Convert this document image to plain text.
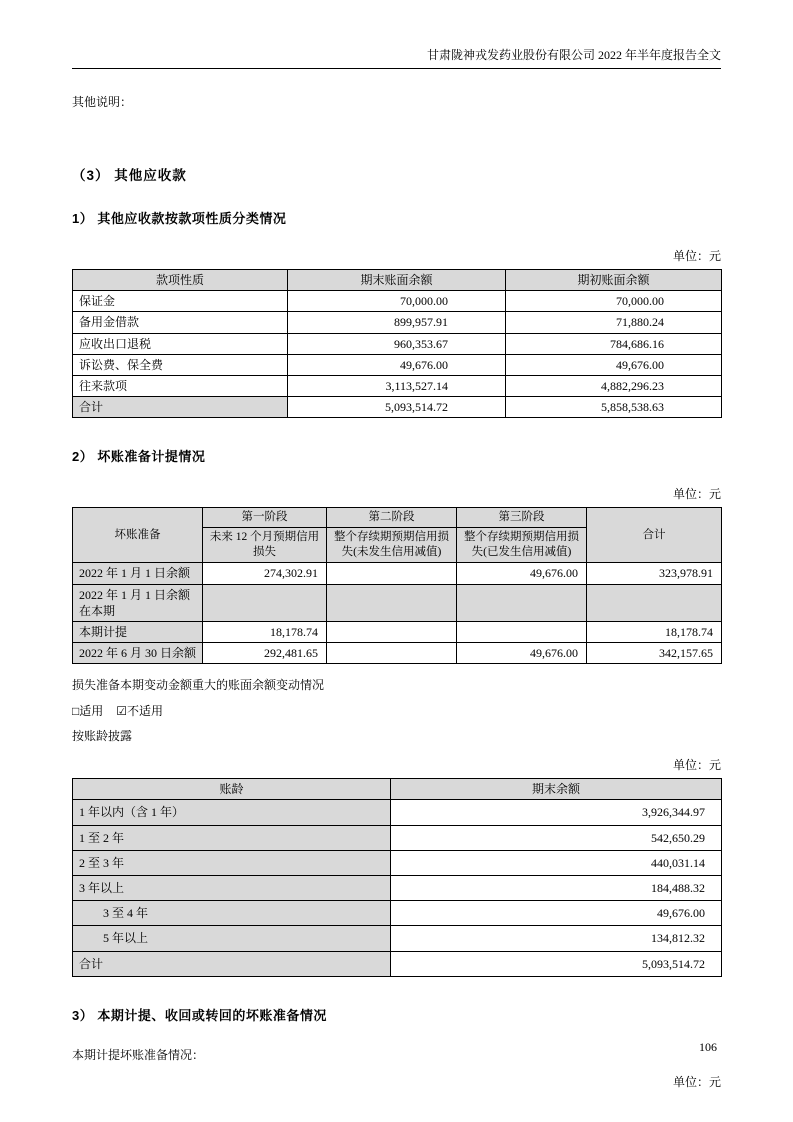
甘肃陇神戎发药业股份有限公司 2022 年半年度报告全文
其他说明：
（3） 其他应收款
1） 其他应收款按款项性质分类情况
单位：元
款项性质	期末账面余额	期初账面余额
保证金	70,000.00	70,000.00
备用金借款	899,957.91	71,880.24
应收出口退税	960,353.67	784,686.16
诉讼费、保全费	49,676.00	49,676.00
往来款项	3,113,527.14	4,882,296.23
合计	5,093,514.72	5,858,538.63
2） 坏账准备计提情况
单位：元
坏账准备	第一阶段	第二阶段	第三阶段	合计
	未来 12 个月预期信用损失	整个存续期预期信用损失(未发生信用减值)	整个存续期预期信用损失(已发生信用减值)	
2022 年 1 月 1 日余额	274,302.91		49,676.00	323,978.91
2022 年 1 月 1 日余额在本期				
本期计提	18,178.74			18,178.74
2022 年 6 月 30 日余额	292,481.65		49,676.00	342,157.65
损失准备本期变动金额重大的账面余额变动情况
□适用 ☑不适用
按账龄披露
单位：元
账龄	期末余额
1 年以内（含 1 年）	3,926,344.97
1 至 2 年	542,650.29
2 至 3 年	440,031.14
3 年以上	184,488.32
3 至 4 年	49,676.00
5 年以上	134,812.32
合计	5,093,514.72
3） 本期计提、收回或转回的坏账准备情况
本期计提坏账准备情况：
单位：元
106
